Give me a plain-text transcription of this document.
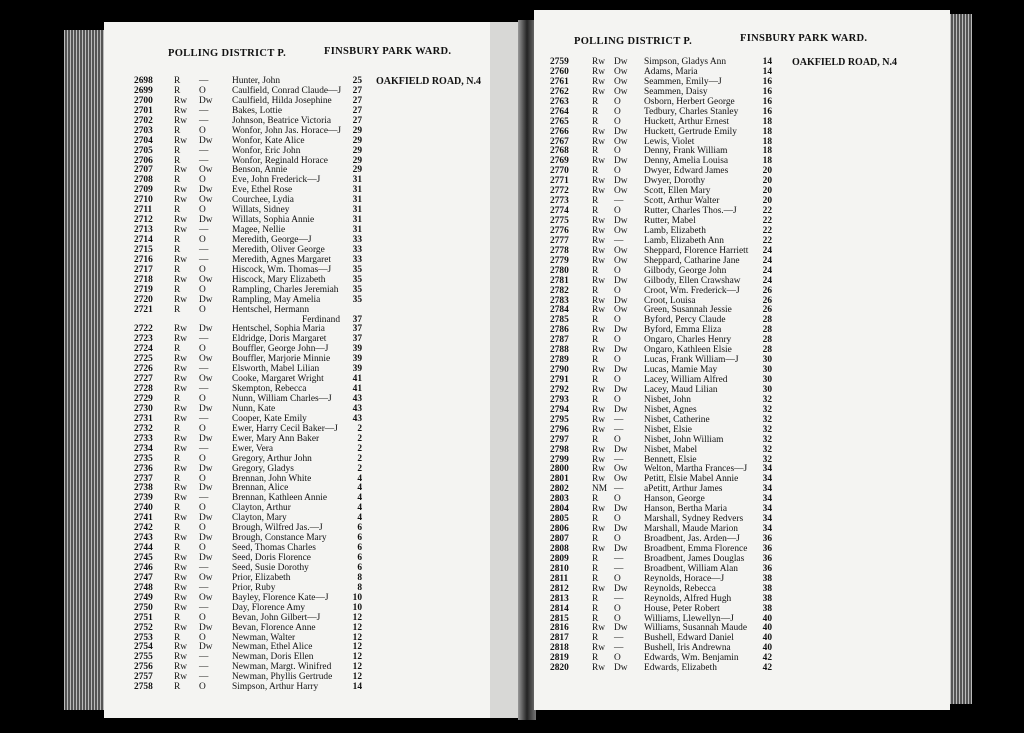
POLLING DISTRICT P.	FINSBURY PARK WARD.
OAKFIELD ROAD, N.4
2698 R —	Hunter, John	25
2699 R O	Caulfield, Conrad Claude—J	27
2700 Rw Dw Caulfield, Hilda Josephine	27
2701 Rw —	Bakes, Lottie	27
2702 Rw —	Johnson, Beatrice Victoria	27
2703 R O	Wonfor, John Jas. Horace—J	29
2704 Rw Dw Wonfor, Kate Alice	29
2705 R —	Wonfor, Eric John	29
2706 R —	Wonfor, Reginald Horace	29
2707 Rw Ow Benson, Annie	29
2708 R O	Eve, John Frederick—J	31
2709 Rw Dw Eve, Ethel Rose	31
2710 Rw Ow Courchee, Lydia	31
2711 R O	Willats, Sidney	31
2712 Rw Dw Willats, Sophia Annie	31
2713 Rw —	Magee, Nellie	31
2714 R O	Meredith, George—J	33
2715 R —	Meredith, Oliver George	33
2716 Rw —	Meredith, Agnes Margaret	33
2717 R O	Hiscock, Wm. Thomas—J	35
2718 Rw Ow Hiscock, Mary Elizabeth	35
2719 R O	Rampling, Charles Jeremiah	35
2720 Rw Dw Rampling, May Amelia	35
2721 R O	Hentschel, Hermann
Ferdinand	37
2722 Rw Dw Hentschel, Sophia Maria	37
2723 Rw —	Eldridge, Doris Margaret	37
2724 R O	Bouffler, George John—J	39
2725 Rw Ow Bouffler, Marjorie Minnie	39
2726 Rw —	Elsworth, Mabel Lilian	39
2727 Rw Ow Cooke, Margaret Wright	41
2728 Rw —	Skempton, Rebecca	41
2729 R O	Nunn, William Charles—J	43
2730 Rw Dw Nunn, Kate	43
2731 Rw —	Cooper, Kate Emily	43
2732 R O	Ewer, Harry Cecil Baker—J	2
2733 Rw Dw Ewer, Mary Ann Baker	2
2734 Rw —	Ewer, Vera	2
2735 R O	Gregory, Arthur John	2
2736 Rw Dw Gregory, Gladys	2
2737 R O	Brennan, John White	4
2738 Rw Dw Brennan, Alice	4
2739 Rw —	Brennan, Kathleen Annie	4
2740 R O	Clayton, Arthur	4
2741 Rw Dw Clayton, Mary	4
2742 R O	Brough, Wilfred Jas.—J	6
2743 Rw Dw Brough, Constance Mary	6
2744 R O	Seed, Thomas Charles	6
2745 Rw Dw Seed, Doris Florence	6
2746 Rw —	Seed, Susie Dorothy	6
2747 Rw Ow Prior, Elizabeth	8
2748 Rw —	Prior, Ruby	8
2749 Rw Ow Bayley, Florence Kate—J	10
2750 Rw —	Day, Florence Amy	10
2751 R O	Bevan, John Gilbert—J	12
2752 Rw Dw Bevan, Florence Anne	12
2753 R O	Newman, Walter	12
2754 Rw Dw Newman, Ethel Alice	12
2755 Rw —	Newman, Doris Ellen	12
2756 Rw —	Newman, Margt. Winifred	12
2757 Rw —	Newman, Phyllis Gertrude	12
2758 R O	Simpson, Arthur Harry	14
POLLING DISTRICT P.	FINSBURY PARK WARD.
OAKFIELD ROAD, N.4
2759 Rw Dw Simpson, Gladys Ann	14
2760 Rw Ow Adams, Maria	14
2761 Rw Ow Seammen, Emily—J	16
2762 Rw Ow Seammen, Daisy	16
2763 R O Osborn, Herbert George	16
2764 R O Tedbury, Charles Stanley	16
2765 R O Huckett, Arthur Ernest	18
2766 Rw Dw Huckett, Gertrude Emily	18
2767 Rw Ow Lewis, Violet	18
2768 R O Denny, Frank William	18
2769 Rw Dw Denny, Amelia Louisa	18
2770 R O Dwyer, Edward James	20
2771 Rw Dw Dwyer, Dorothy	20
2772 Rw Ow Scott, Ellen Mary	20
2773 R — Scott, Arthur Walter	20
2774 R O Rutter, Charles Thos.—J	22
2775 Rw Dw Rutter, Mabel	22
2776 Rw Ow Lamb, Elizabeth	22
2777 Rw — Lamb, Elizabeth Ann	22
2778 Rw Ow Sheppard, Florence Harriett	24
2779 Rw Ow Sheppard, Catharine Jane	24
2780 R O Gilbody, George John	24
2781 Rw Dw Gilbody, Ellen Crawshaw	24
2782 R O Croot, Wm. Frederick—J	26
2783 Rw Dw Croot, Louisa	26
2784 Rw Ow Green, Susannah Jessie	26
2785 R O Byford, Percy Claude	28
2786 Rw Dw Byford, Emma Eliza	28
2787 R O Ongaro, Charles Henry	28
2788 Rw Dw Ongaro, Kathleen Elsie	28
2789 R O Lucas, Frank William—J	30
2790 Rw Dw Lucas, Mamie May	30
2791 R O Lacey, William Alfred	30
2792 Rw Dw Lacey, Maud Lilian	30
2793 R O Nisbet, John	32
2794 Rw Dw Nisbet, Agnes	32
2795 Rw — Nisbet, Catherine	32
2796 Rw — Nisbet, Elsie	32
2797 R O Nisbet, John William	32
2798 Rw Dw Nisbet, Mabel	32
2799 Rw — Bennett, Elsie	32
2800 Rw Ow Welton, Martha Frances—J	34
2801 Rw Ow Petitt, Elsie Mabel Annie	34
2802 NM — aPetitt, Arthur James	34
2803 R O Hanson, George	34
2804 Rw Dw Hanson, Bertha Maria	34
2805 R O Marshall, Sydney Redvers	34
2806 Rw Dw Marshall, Maude Marion	34
2807 R O Broadbent, Jas. Arden—J	36
2808 Rw Dw Broadbent, Emma Florence	36
2809 R — Broadbent, James Douglas	36
2810 R — Broadbent, William Alan	36
2811	R O Reynolds, Horace—J	38
2812 Rw Dw Reynolds, Rebecca	38
2813 R — Reynolds, Alfred Hugh	38
2814 R O House, Peter Robert	38
2815 R O Williams, Llewellyn—J	40
2816 Rw Dw Williams, Susannah Maude	40
2817 R — Bushell, Edward Daniel	40
2818 Rw — Bushell, Iris Andrewna	40
2819 R O Edwards, Wm. Benjamin	42
2820 Rw Dw Edwards, Elizabeth	42
